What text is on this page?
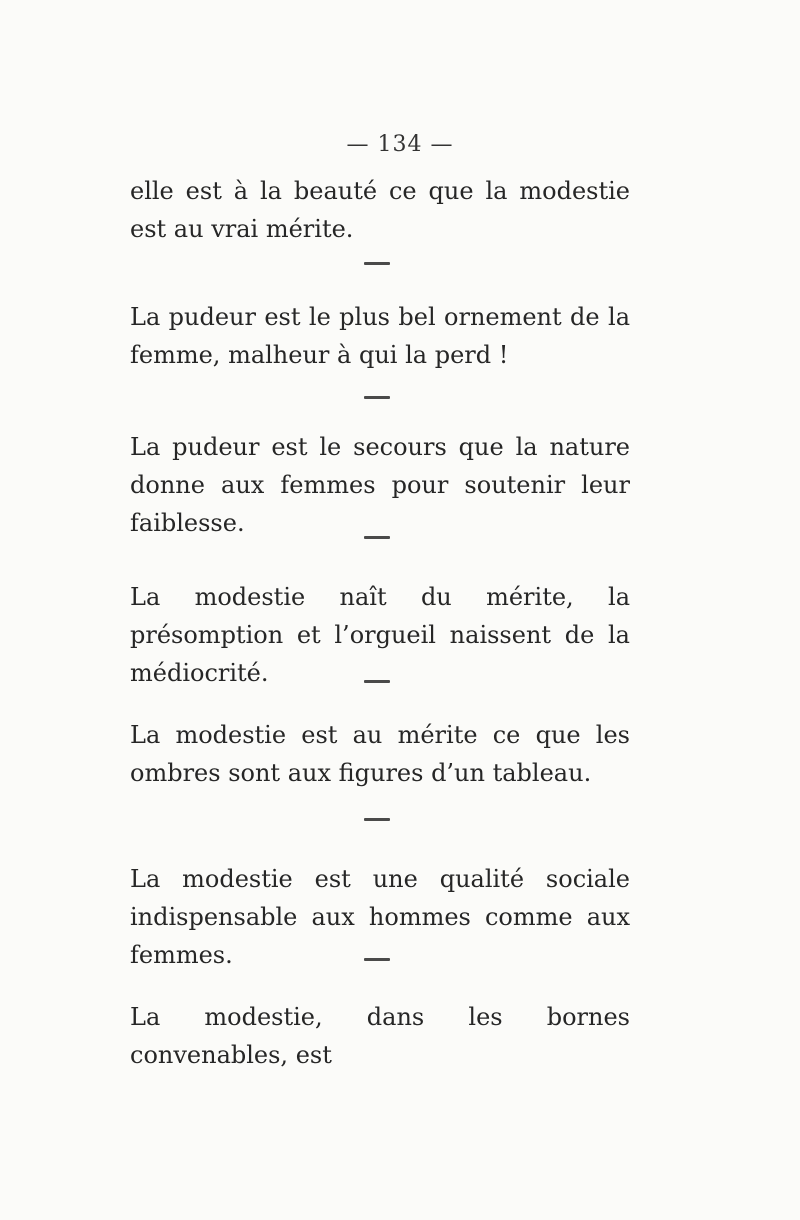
— 134 —
elle est à la beauté ce que la modestie est au vrai mérite.
La pudeur est le plus bel ornement de la femme, malheur à qui la perd !
La pudeur est le secours que la nature donne aux femmes pour soutenir leur faiblesse.
La modestie naît du mérite, la présomption et l’orgueil naissent de la médiocrité.
La modestie est au mérite ce que les ombres sont aux figures d’un tableau.
La modestie est une qualité sociale indispensable aux hommes comme aux femmes.
La modestie, dans les bornes convenables, est
